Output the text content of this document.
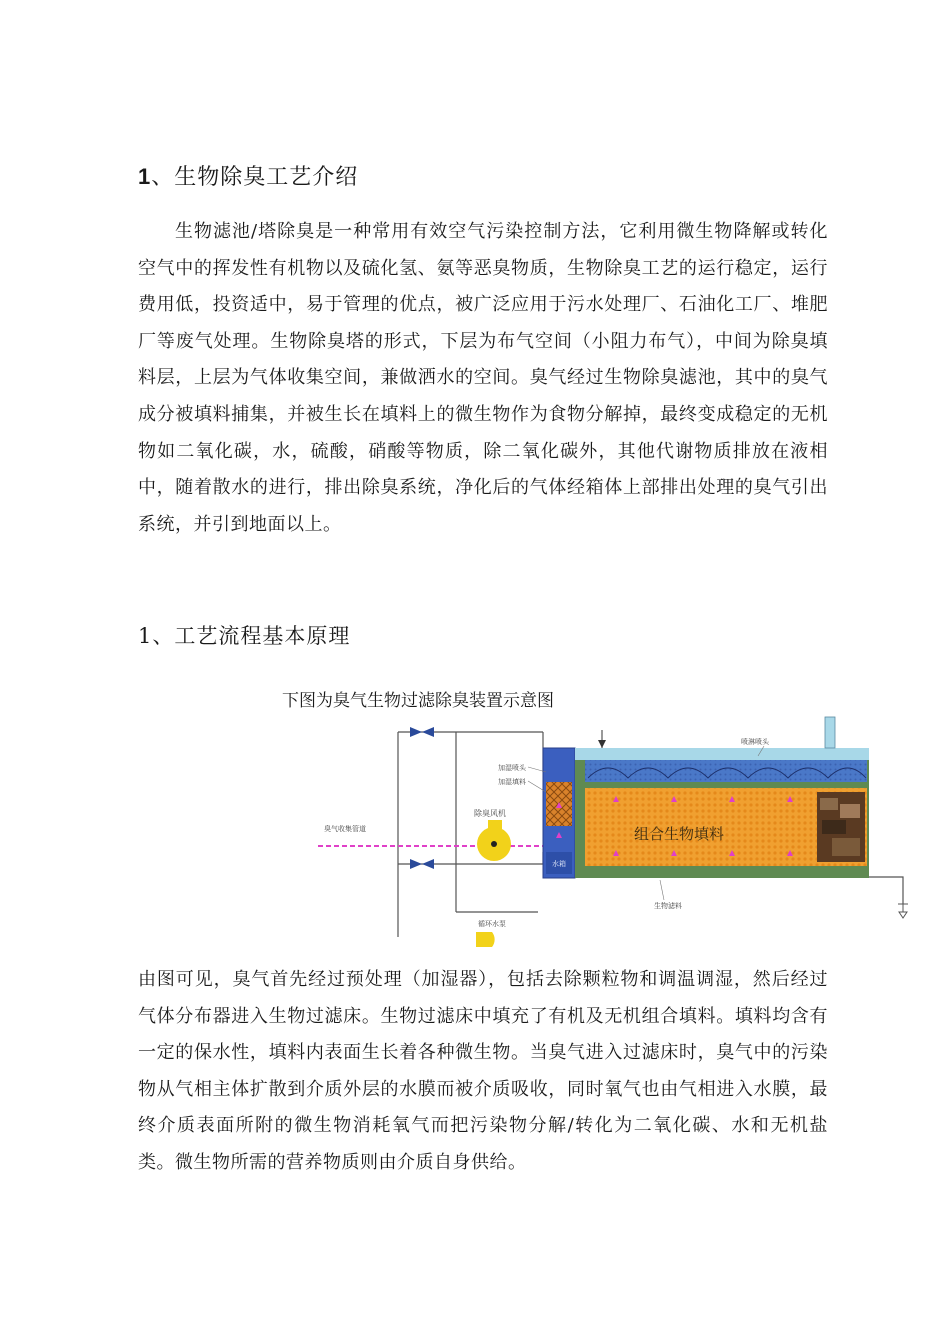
1、生物除臭工艺介绍
生物滤池/塔除臭是一种常用有效空气污染控制方法，它利用微生物降解或转化空气中的挥发性有机物以及硫化氢、氨等恶臭物质，生物除臭工艺的运行稳定，运行费用低，投资适中，易于管理的优点，被广泛应用于污水处理厂、石油化工厂、堆肥厂等废气处理。生物除臭塔的形式，下层为布气空间（小阻力布气），中间为除臭填料层，上层为气体收集空间，兼做洒水的空间。臭气经过生物除臭滤池，其中的臭气成分被填料捕集，并被生长在填料上的微生物作为食物分解掉，最终变成稳定的无机物如二氧化碳，水，硫酸，硝酸等物质，除二氧化碳外，其他代谢物质排放在液相中，随着散水的进行，排出除臭系统，净化后的气体经箱体上部排出处理的臭气引出系统，并引到地面以上。
1、工艺流程基本原理
下图为臭气生物过滤除臭装置示意图
臭气收集管道
除臭风机
循环水泵
水箱
加湿喷头
加湿填料
组合生物填料
喷淋喷头
生物滤料
由图可见，臭气首先经过预处理（加湿器），包括去除颗粒物和调温调湿，然后经过气体分布器进入生物过滤床。生物过滤床中填充了有机及无机组合填料。填料均含有一定的保水性，填料内表面生长着各种微生物。当臭气进入过滤床时，臭气中的污染物从气相主体扩散到介质外层的水膜而被介质吸收，同时氧气也由气相进入水膜，最终介质表面所附的微生物消耗氧气而把污染物分解/转化为二氧化碳、水和无机盐类。微生物所需的营养物质则由介质自身供给。
